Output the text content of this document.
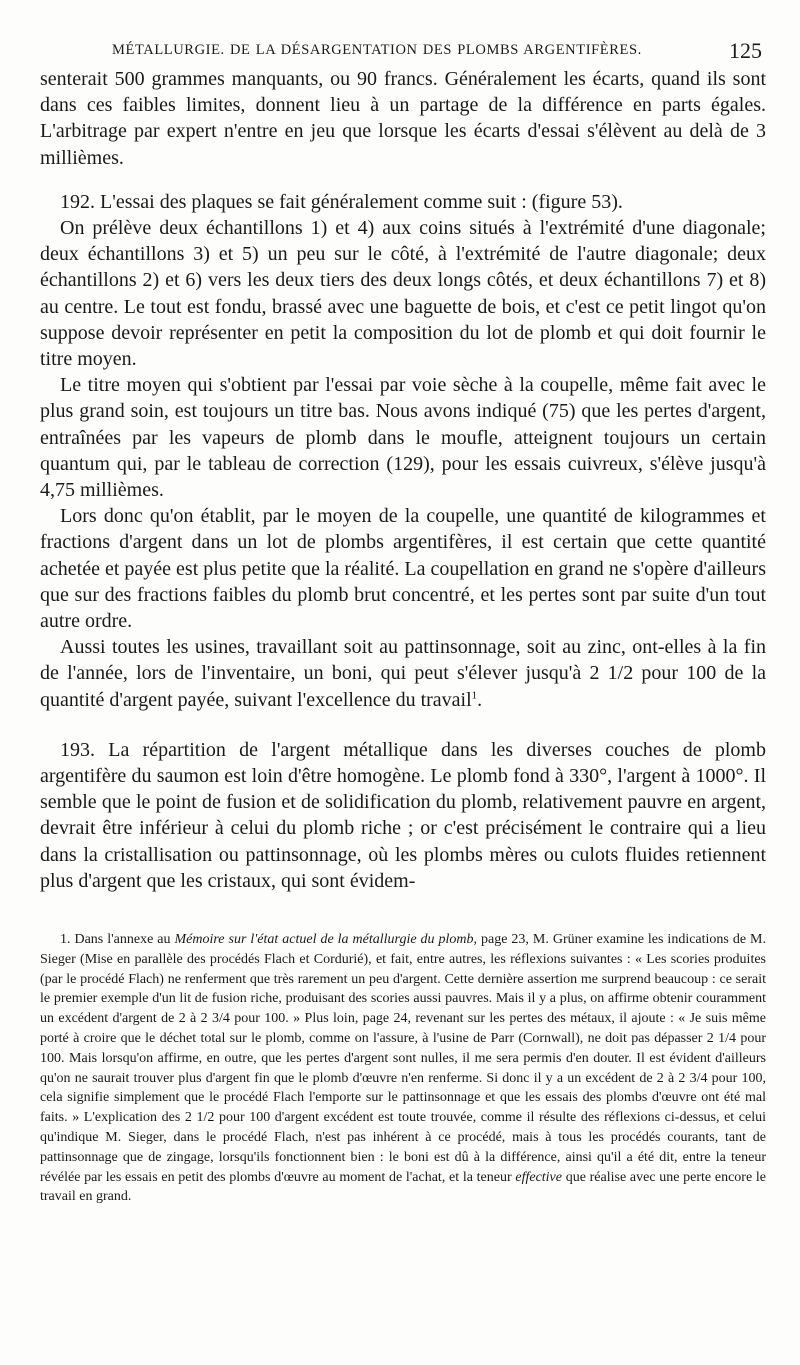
MÉTALLURGIE. DE LA DÉSARGENTATION DES PLOMBS ARGENTIFÈRES.	125

senterait 500 grammes manquants, ou 90 francs. Généralement les écarts, quand ils sont dans ces faibles limites, donnent lieu à un partage de la différence en parts égales. L'arbitrage par expert n'entre en jeu que lorsque les écarts d'essai s'élèvent au delà de 3 millièmes.

192. L'essai des plaques se fait généralement comme suit : (figure 53).

On prélève deux échantillons 1) et 4) aux coins situés à l'extrémité d'une diagonale; deux échantillons 3) et 5) un peu sur le côté, à l'extrémité de l'autre diagonale; deux échantillons 2) et 6) vers les deux tiers des deux longs côtés, et deux échantillons 7) et 8) au centre. Le tout est fondu, brassé avec une baguette de bois, et c'est ce petit lingot qu'on suppose devoir représenter en petit la composition du lot de plomb et qui doit fournir le titre moyen.

Le titre moyen qui s'obtient par l'essai par voie sèche à la coupelle, même fait avec le plus grand soin, est toujours un titre bas. Nous avons indiqué (75) que les pertes d'argent, entraînées par les vapeurs de plomb dans le moufle, atteignent toujours un certain quantum qui, par le tableau de correction (129), pour les essais cuivreux, s'élève jusqu'à 4,75 millièmes.

Lors donc qu'on établit, par le moyen de la coupelle, une quantité de kilogrammes et fractions d'argent dans un lot de plombs argentifères, il est certain que cette quantité achetée et payée est plus petite que la réalité. La coupellation en grand ne s'opère d'ailleurs que sur des fractions faibles du plomb brut concentré, et les pertes sont par suite d'un tout autre ordre.

Aussi toutes les usines, travaillant soit au pattinsonnage, soit au zinc, ont-elles à la fin de l'année, lors de l'inventaire, un boni, qui peut s'élever jusqu'à 2 1/2 pour 100 de la quantité d'argent payée, suivant l'excellence du travail$^1$.

193. La répartition de l'argent métallique dans les diverses couches de plomb argentifère du saumon est loin d'être homogène. Le plomb fond à 330°, l'argent à 1000°. Il semble que le point de fusion et de solidification du plomb, relativement pauvre en argent, devrait être inférieur à celui du plomb riche ; or c'est précisément le contraire qui a lieu dans la cristallisation ou pattinsonnage, où les plombs mères ou culots fluides retiennent plus d'argent que les cristaux, qui sont évidem-

1. Dans l'annexe au Mémoire sur l'état actuel de la métallurgie du plomb, page 23, M. Grüner examine les indications de M. Sieger (Mise en parallèle des procédés Flach et Cordurié), et fait, entre autres, les réflexions suivantes : « Les scories produites (par le procédé Flach) ne renferment que très rarement un peu d'argent. Cette dernière assertion me surprend beaucoup : ce serait le premier exemple d'un lit de fusion riche, produisant des scories aussi pauvres. Mais il y a plus, on affirme obtenir couramment un excédent d'argent de 2 à 2 3/4 pour 100. » Plus loin, page 24, revenant sur les pertes des métaux, il ajoute : « Je suis même porté à croire que le déchet total sur le plomb, comme on l'assure, à l'usine de Parr (Cornwall), ne doit pas dépasser 2 1/4 pour 100. Mais lorsqu'on affirme, en outre, que les pertes d'argent sont nulles, il me sera permis d'en douter. Il est évident d'ailleurs qu'on ne saurait trouver plus d'argent fin que le plomb d'œuvre n'en renferme. Si donc il y a un excédent de 2 à 2 3/4 pour 100, cela signifie simplement que le procédé Flach l'emporte sur le pattinsonnage et que les essais des plombs d'œuvre ont été mal faits. » L'explication des 2 1/2 pour 100 d'argent excédent est toute trouvée, comme il résulte des réflexions ci-dessus, et celui qu'indique M. Sieger, dans le procédé Flach, n'est pas inhérent à ce procédé, mais à tous les procédés courants, tant de pattinsonnage que de zingage, lorsqu'ils fonctionnent bien : le boni est dû à la différence, ainsi qu'il a été dit, entre la teneur révélée par les essais en petit des plombs d'œuvre au moment de l'achat, et la teneur effective que réalise avec une perte encore le travail en grand.
